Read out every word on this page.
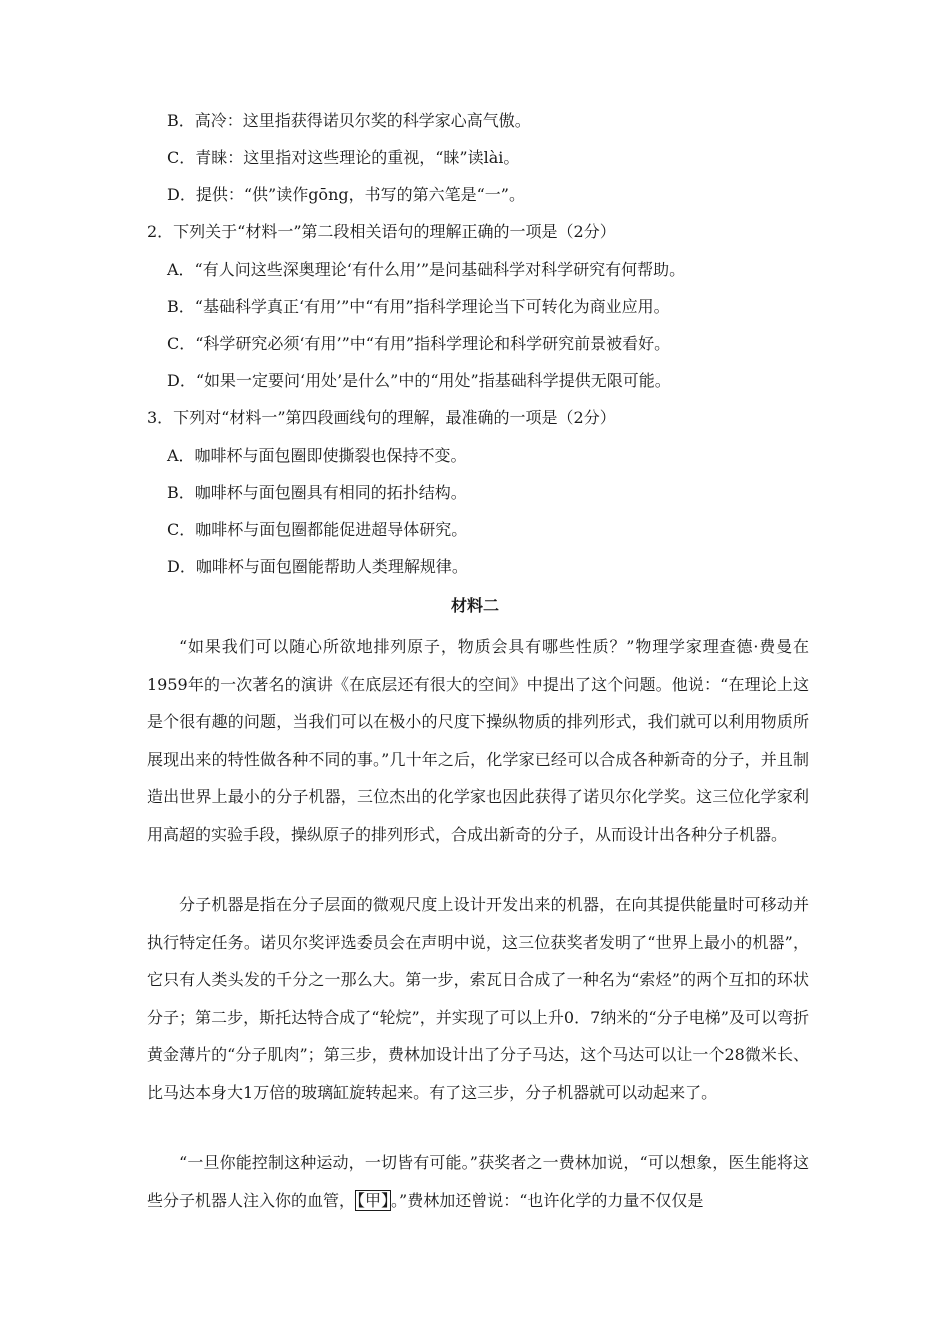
B．高冷：这里指获得诺贝尔奖的科学家心高气傲。
C．青睐：这里指对这些理论的重视，“睐”读lài。
D．提供：“供”读作gōng，书写的第六笔是“一”。
2．下列关于“材料一”第二段相关语句的理解正确的一项是（2分）
A．“有人问这些深奥理论‘有什么用’”是问基础科学对科学研究有何帮助。
B．“基础科学真正‘有用’”中“有用”指科学理论当下可转化为商业应用。
C．“科学研究必须‘有用’”中“有用”指科学理论和科学研究前景被看好。
D．“如果一定要问‘用处’是什么”中的“用处”指基础科学提供无限可能。
3．下列对“材料一”第四段画线句的理解，最准确的一项是（2分）
A．咖啡杯与面包圈即使撕裂也保持不变。
B．咖啡杯与面包圈具有相同的拓扑结构。
C．咖啡杯与面包圈都能促进超导体研究。
D．咖啡杯与面包圈能帮助人类理解规律。
材料二

“如果我们可以随心所欲地排列原子，物质会具有哪些性质？”物理学家理查德·费曼在1959年的一次著名的演讲《在底层还有很大的空间》中提出了这个问题。他说：“在理论上这是个很有趣的问题，当我们可以在极小的尺度下操纵物质的排列形式，我们就可以利用物质所展现出来的特性做各种不同的事。”几十年之后，化学家已经可以合成各种新奇的分子，并且制造出世界上最小的分子机器，三位杰出的化学家也因此获得了诺贝尔化学奖。这三位化学家利用高超的实验手段，操纵原子的排列形式，合成出新奇的分子，从而设计出各种分子机器。

分子机器是指在分子层面的微观尺度上设计开发出来的机器，在向其提供能量时可移动并执行特定任务。诺贝尔奖评选委员会在声明中说，这三位获奖者发明了“世界上最小的机器”，它只有人类头发的千分之一那么大。第一步，索瓦日合成了一种名为“索烃”的两个互扣的环状分子；第二步，斯托达特合成了“轮烷”，并实现了可以上升0．7纳米的“分子电梯”及可以弯折黄金薄片的“分子肌肉”；第三步，费林加设计出了分子马达，这个马达可以让一个28微米长、比马达本身大1万倍的玻璃缸旋转起来。有了这三步，分子机器就可以动起来了。

“一旦你能控制这种运动，一切皆有可能。”获奖者之一费林加说，“可以想象，医生能将这些分子机器人注入你的血管， 【甲】 。”费林加还曾说：“也许化学的力量不仅仅是
